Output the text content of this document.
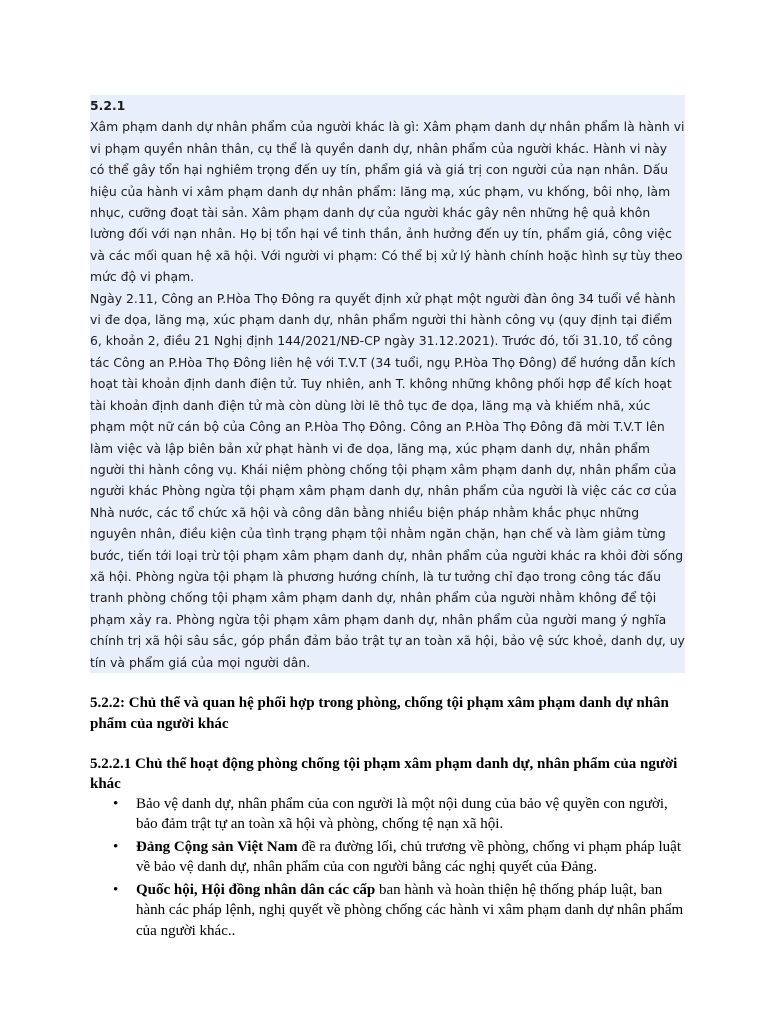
5.2.1

Xâm phạm danh dự nhân phẩm của người khác là gì: Xâm phạm danh dự nhân phẩm là hành vi vi phạm quyền nhân thân, cụ thể là quyền danh dự, nhân phẩm của người khác. Hành vi này có thể gây tổn hại nghiêm trọng đến uy tín, phẩm giá và giá trị con người của nạn nhân. Dấu hiệu của hành vi xâm phạm danh dự nhân phẩm: lăng mạ, xúc phạm, vu khống, bôi nhọ, làm nhục, cưỡng đoạt tài sản. Xâm phạm danh dự của người khác gây nên những hệ quả khôn lường đối với nạn nhân. Họ bị tổn hại về tinh thần, ảnh hưởng đến uy tín, phẩm giá, công việc và các mối quan hệ xã hội. Với người vi phạm: Có thể bị xử lý hành chính hoặc hình sự tùy theo mức độ vi phạm.

Ngày 2.11, Công an P.Hòa Thọ Đông ra quyết định xử phạt một người đàn ông 34 tuổi về hành vi đe dọa, lăng mạ, xúc phạm danh dự, nhân phẩm người thi hành công vụ (quy định tại điểm 6, khoản 2, điều 21 Nghị định 144/2021/NĐ-CP ngày 31.12.2021). Trước đó, tối 31.10, tổ công tác Công an P.Hòa Thọ Đông liên hệ với T.V.T (34 tuổi, ngụ P.Hòa Thọ Đông) để hướng dẫn kích hoạt tài khoản định danh điện tử. Tuy nhiên, anh T. không những không phối hợp để kích hoạt tài khoản định danh điện tử mà còn dùng lời lẽ thô tục đe dọa, lăng mạ và khiếm nhã, xúc phạm một nữ cán bộ của Công an P.Hòa Thọ Đông. Công an P.Hòa Thọ Đông đã mời T.V.T lên làm việc và lập biên bản xử phạt hành vi đe dọa, lăng mạ, xúc phạm danh dự, nhân phẩm người thi hành công vụ. Khái niệm phòng chống tội phạm xâm phạm danh dự, nhân phẩm của người khác Phòng ngừa tội phạm xâm phạm danh dự, nhân phẩm của người là việc các cơ của Nhà nước, các tổ chức xã hội và công dân bằng nhiều biện pháp nhằm khắc phục những nguyên nhân, điều kiện của tình trạng phạm tội nhằm ngăn chặn, hạn chế và làm giảm từng bước, tiến tới loại trừ tội phạm xâm phạm danh dự, nhân phẩm của người khác ra khỏi đời sống xã hội. Phòng ngừa tội phạm là phương hướng chính, là tư tưởng chỉ đạo trong công tác đấu tranh phòng chống tội phạm xâm phạm danh dự, nhân phẩm của người nhằm không để tội phạm xảy ra. Phòng ngừa tội phạm xâm phạm danh dự, nhân phẩm của người mang ý nghĩa chính trị xã hội sâu sắc, góp phần đảm bảo trật tự an toàn xã hội, bảo vệ sức khoẻ, danh dự, uy tín và phẩm giá của mọi người dân.

5.2.2: Chủ thể và quan hệ phối hợp trong phòng, chống tội phạm xâm phạm danh dự nhân phẩm của người khác
5.2.2.1 Chủ thể hoạt động phòng chống tội phạm xâm phạm danh dự, nhân phẩm của người khác
• Bảo vệ danh dự, nhân phẩm của con người là một nội dung của bảo vệ quyền con người, bảo đảm trật tự an toàn xã hội và phòng, chống tệ nạn xã hội.
• Đảng Cộng sản Việt Nam đề ra đường lối, chủ trương về phòng, chống vi phạm pháp luật về bảo vệ danh dự, nhân phẩm của con người bằng các nghị quyết của Đảng.
• Quốc hội, Hội đồng nhân dân các cấp ban hành và hoàn thiện hệ thống pháp luật, ban hành các pháp lệnh, nghị quyết về phòng chống các hành vi xâm phạm danh dự nhân phẩm của người khác..
